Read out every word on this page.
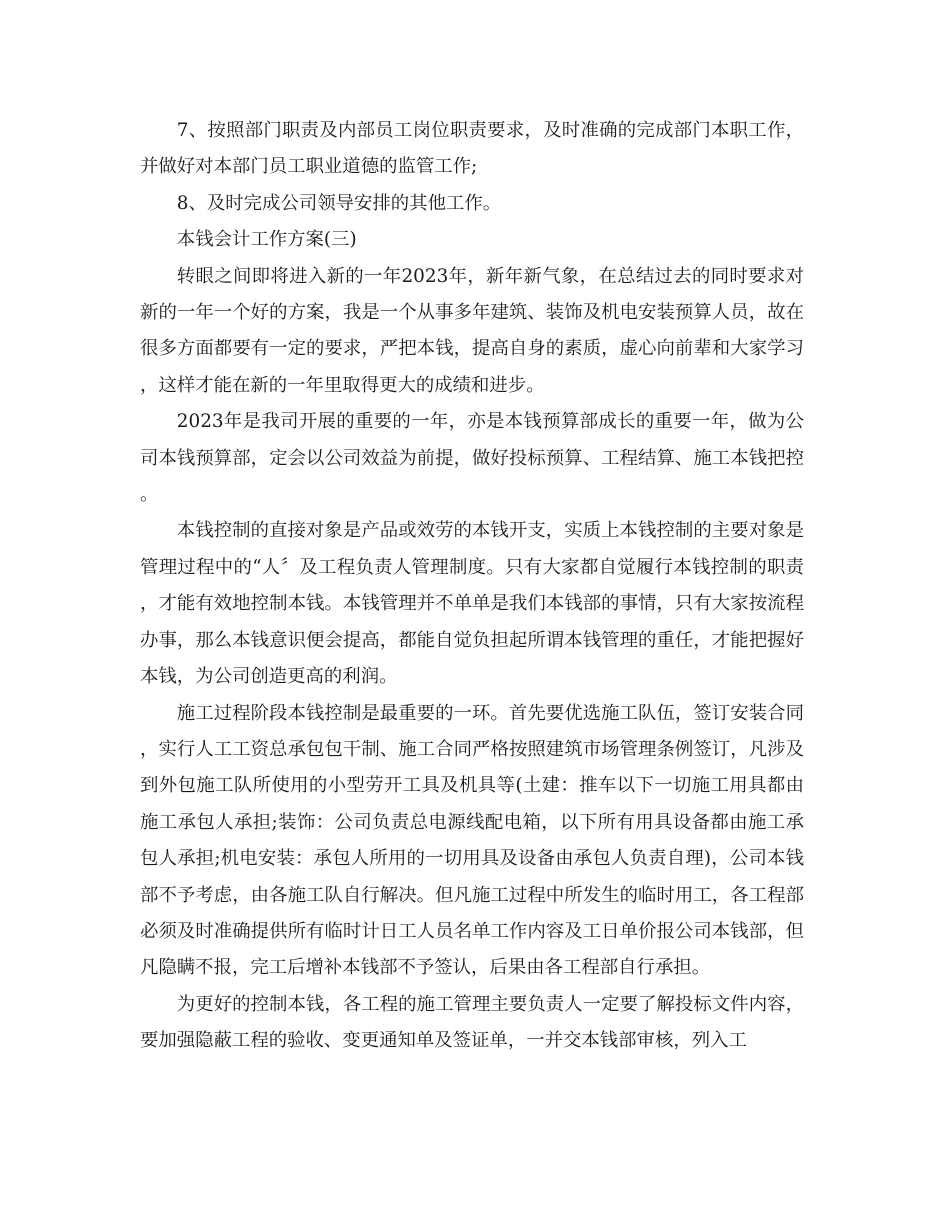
7、按照部门职责及内部员工岗位职责要求，及时准确的完成部门本职工作，并做好对本部门员工职业道德的监管工作;

8、及时完成公司领导安排的其他工作。

本钱会计工作方案(三)

转眼之间即将进入新的一年2023年，新年新气象，在总结过去的同时要求对新的一年一个好的方案，我是一个从事多年建筑、装饰及机电安装预算人员，故在很多方面都要有一定的要求，严把本钱，提高自身的素质，虚心向前辈和大家学习，这样才能在新的一年里取得更大的成绩和进步。

2023年是我司开展的重要的一年，亦是本钱预算部成长的重要一年，做为公司本钱预算部，定会以公司效益为前提，做好投标预算、工程结算、施工本钱把控。

本钱控制的直接对象是产品或效劳的本钱开支，实质上本钱控制的主要对象是管理过程中的“人〞及工程负责人管理制度。只有大家都自觉履行本钱控制的职责，才能有效地控制本钱。本钱管理并不单单是我们本钱部的事情，只有大家按流程办事，那么本钱意识便会提高，都能自觉负担起所谓本钱管理的重任，才能把握好本钱，为公司创造更高的利润。

施工过程阶段本钱控制是最重要的一环。首先要优选施工队伍，签订安装合同，实行人工工资总承包包干制、施工合同严格按照建筑市场管理条例签订，凡涉及到外包施工队所使用的小型劳开工具及机具等(土建：推车以下一切施工用具都由施工承包人承担;装饰：公司负责总电源线配电箱，以下所有用具设备都由施工承包人承担;机电安装：承包人所用的一切用具及设备由承包人负责自理)，公司本钱部不予考虑，由各施工队自行解决。但凡施工过程中所发生的临时用工，各工程部必须及时准确提供所有临时计日工人员名单工作内容及工日单价报公司本钱部，但凡隐瞒不报，完工后增补本钱部不予签认，后果由各工程部自行承担。

为更好的控制本钱，各工程的施工管理主要负责人一定要了解投标文件内容，要加强隐蔽工程的验收、变更通知单及签证单，一并交本钱部审核，列入工
